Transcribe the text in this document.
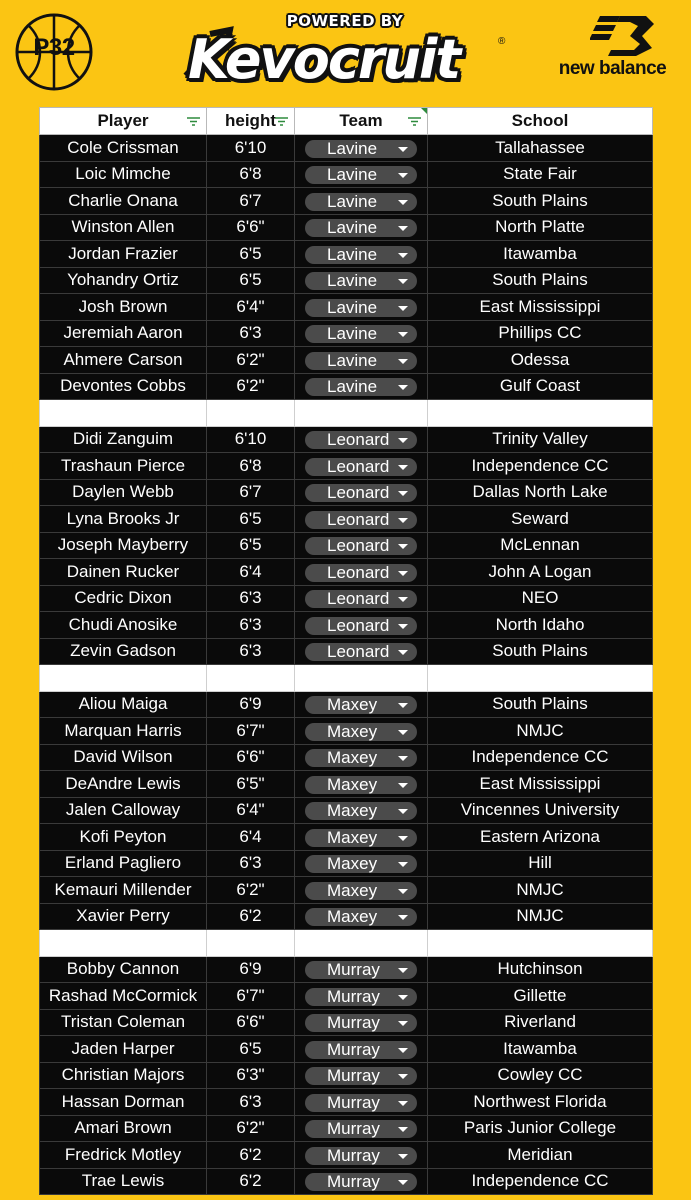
P32
POWERED BY
Kevocruit	®
new balance
Player	height	Team	School
Cole Crissman	6'10	Lavine	Tallahassee
Loic Mimche	6'8	Lavine	State Fair
Charlie Onana	6'7	Lavine	South Plains
Winston Allen	6'6"	Lavine	North Platte
Jordan Frazier	6'5	Lavine	Itawamba
Yohandry Ortiz	6'5	Lavine	South Plains
Josh Brown	6'4"	Lavine	East Mississippi
Jeremiah Aaron	6'3	Lavine	Phillips CC
Ahmere Carson	6'2"	Lavine	Odessa
Devontes Cobbs	6'2"	Lavine	Gulf Coast

Didi Zanguim	6'10	Leonard	Trinity Valley
Trashaun Pierce	6'8	Leonard	Independence CC
Daylen Webb	6'7	Leonard	Dallas North Lake
Lyna Brooks Jr	6'5	Leonard	Seward
Joseph Mayberry	6'5	Leonard	McLennan
Dainen Rucker	6'4	Leonard	John A Logan
Cedric Dixon	6'3	Leonard	NEO
Chudi Anosike	6'3	Leonard	North Idaho
Zevin Gadson	6'3	Leonard	South Plains

Aliou Maiga	6'9	Maxey	South Plains
Marquan Harris	6'7"	Maxey	NMJC
David Wilson	6'6"	Maxey	Independence CC
DeAndre Lewis	6'5"	Maxey	East Mississippi
Jalen Calloway	6'4"	Maxey	Vincennes University
Kofi Peyton	6'4	Maxey	Eastern Arizona
Erland Pagliero	6'3	Maxey	Hill
Kemauri Millender	6'2"	Maxey	NMJC
Xavier Perry	6'2	Maxey	NMJC

Bobby Cannon	6'9	Murray	Hutchinson
Rashad McCormick	6'7"	Murray	Gillette
Tristan Coleman	6'6"	Murray	Riverland
Jaden Harper	6'5	Murray	Itawamba
Christian Majors	6'3"	Murray	Cowley CC
Hassan Dorman	6'3	Murray	Northwest Florida
Amari Brown	6'2"	Murray	Paris Junior College
Fredrick Motley	6'2	Murray	Meridian
Trae Lewis	6'2	Murray	Independence CC
